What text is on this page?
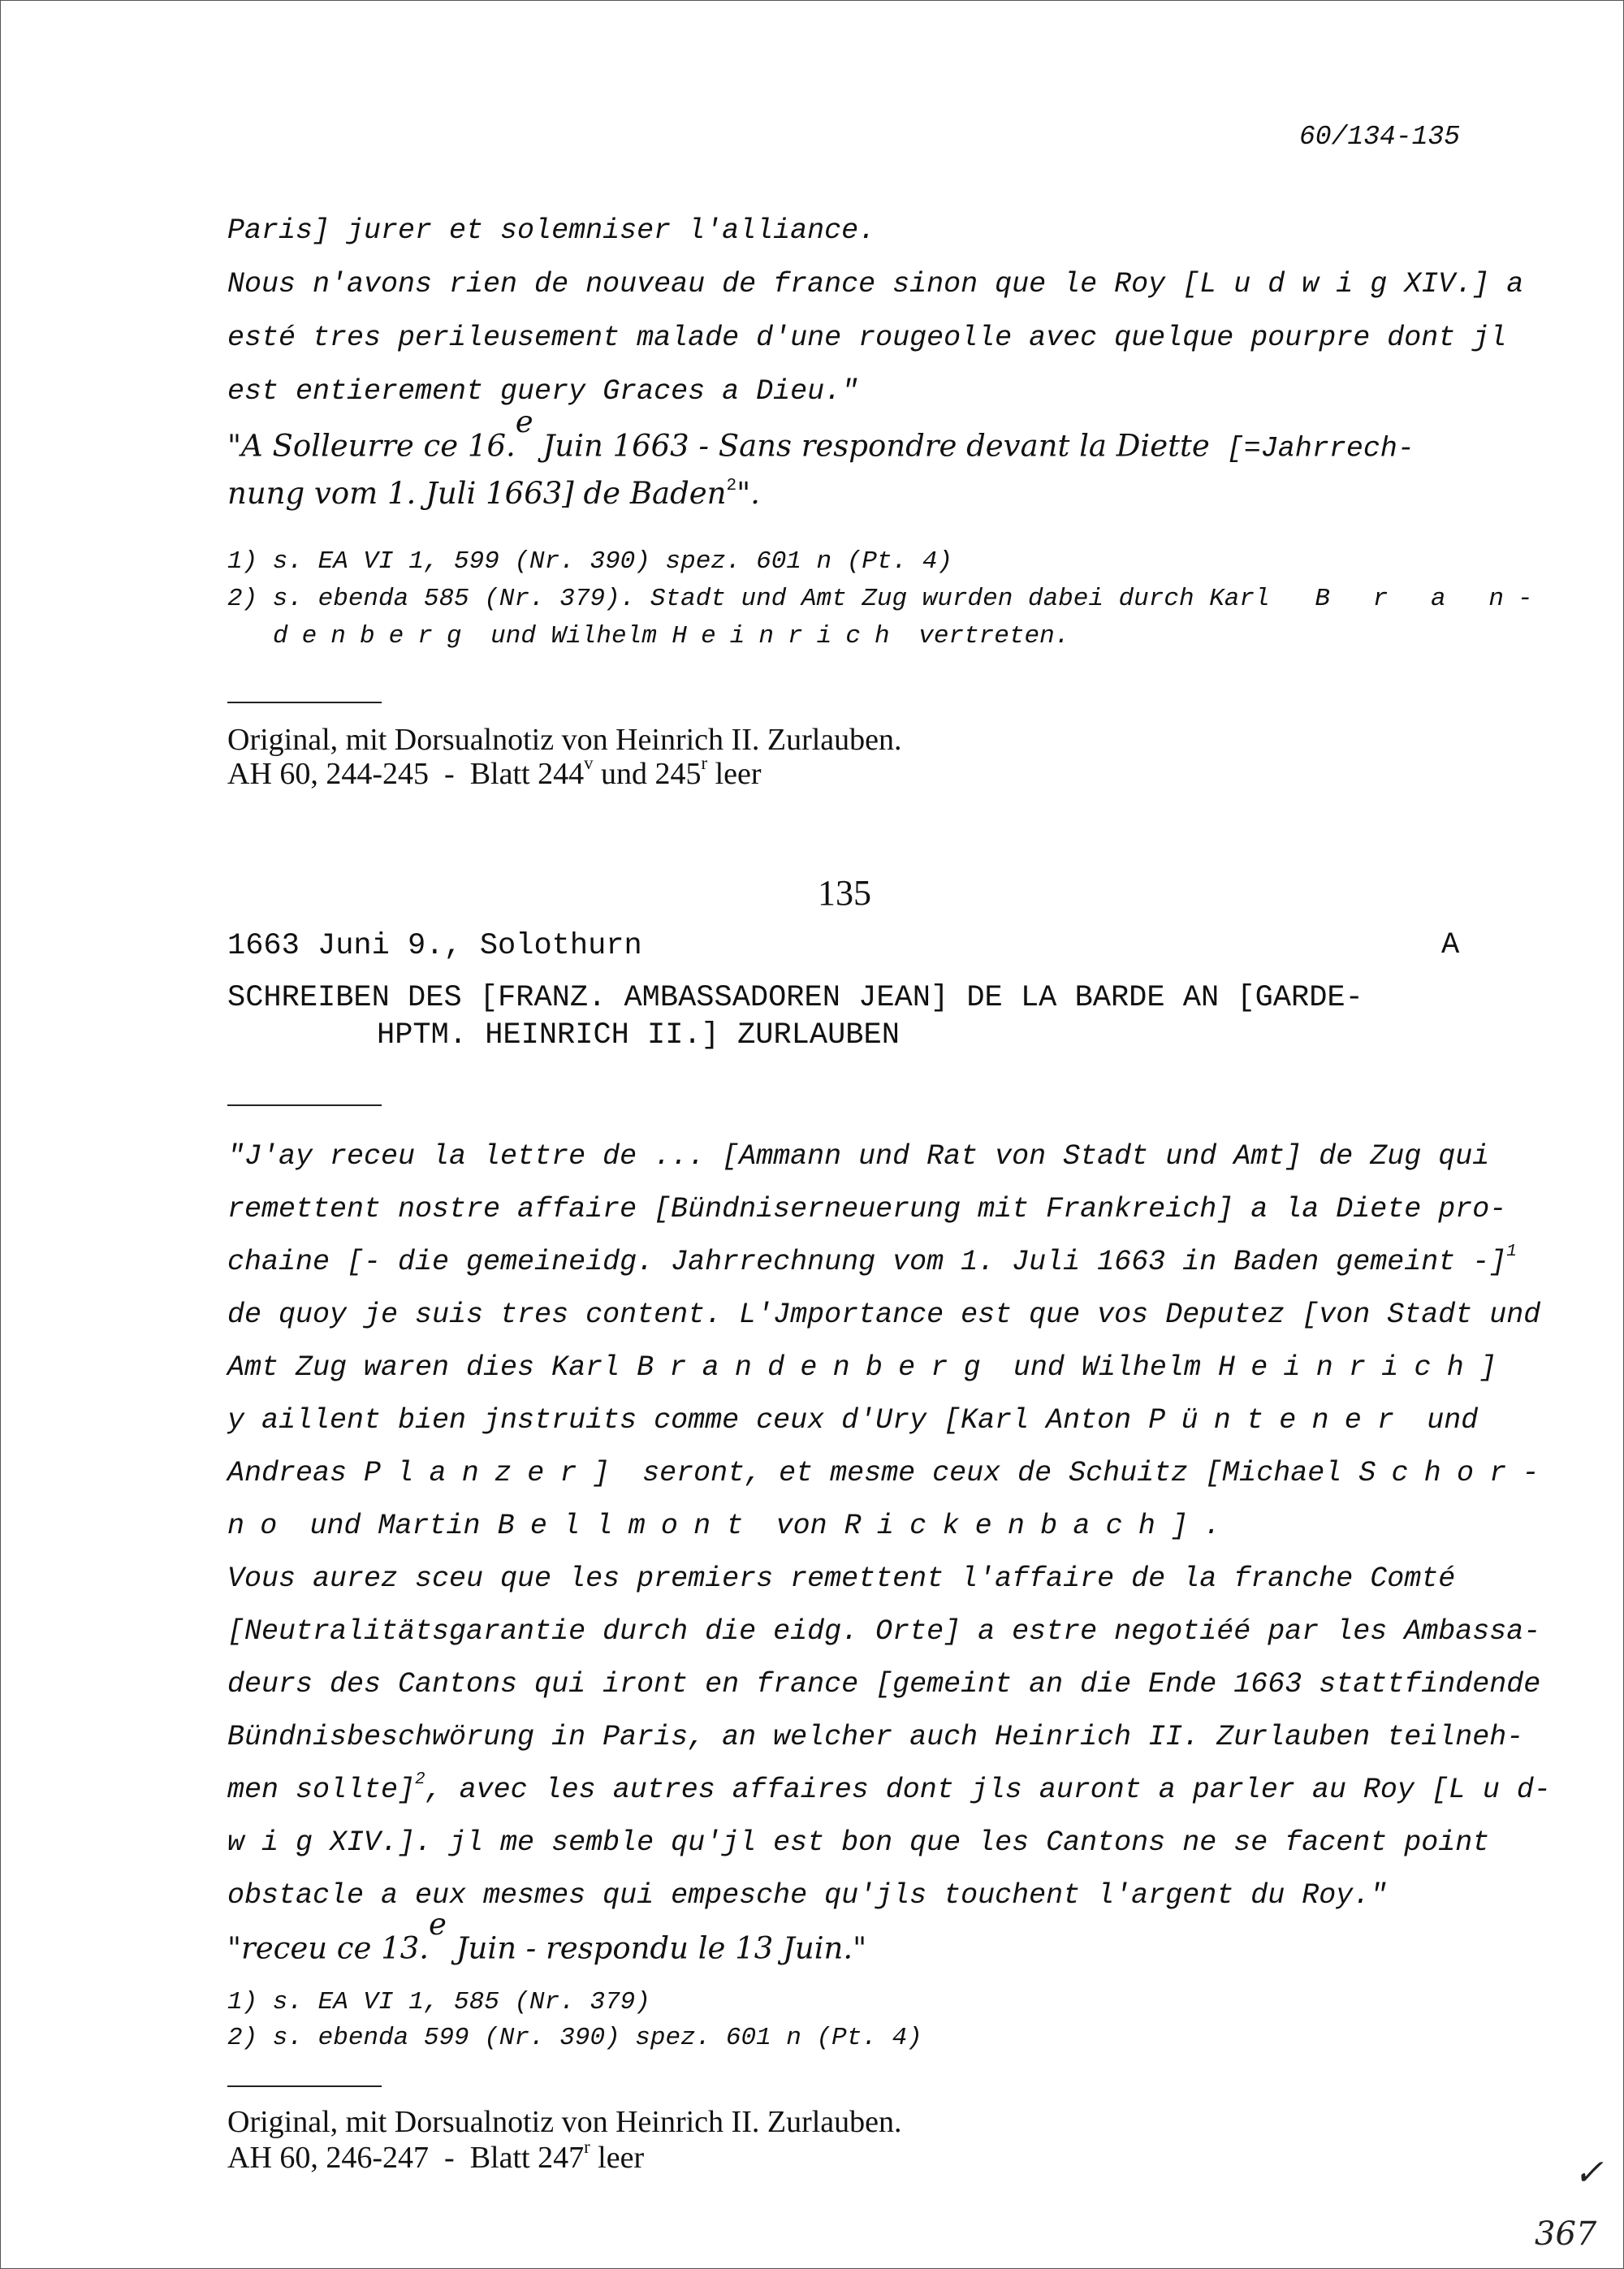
60/134-135
Paris] jurer et solemniser l'alliance.
Nous n'avons rien de nouveau de france sinon que le Roy [L u d w i g XIV.] a
esté tres perileusement malade d'une rougeolle avec quelque pourpre dont jl
est entierement guery Graces a Dieu."
"A Solleurre ce 16.$^e$ Juin 1663 - Sans respondre devant la Diette [=Jahrrech-
nung vom 1. Juli 1663] de Baden$^2$".
1) s. EA VI 1, 599 (Nr. 390) spez. 601 n (Pt. 4)
2) s. ebenda 585 (Nr. 379). Stadt und Amt Zug wurden dabei durch Karl B r a n-
denberg und Wilhelm Heinrich vertreten.
Original, mit Dorsualnotiz von Heinrich II. Zurlauben.
AH 60, 244-245  -  Blatt 244$^v$ und 245$^r$ leer
135
1663 Juni 9., Solothurn	A
SCHREIBEN DES [FRANZ. AMBASSADOREN JEAN] DE LA BARDE AN [GARDE-
HPTM. HEINRICH II.] ZURLAUBEN
"J'ay receu la lettre de ... [Ammann und Rat von Stadt und Amt] de Zug qui
remettent nostre affaire [Bündniserneuerung mit Frankreich] a la Diete pro-
chaine [- die gemeineidg. Jahrrechnung vom 1. Juli 1663 in Baden gemeint -]$^1$
de quoy je suis tres content. L'Jmportance est que vos Deputez [von Stadt und
Amt Zug waren dies Karl Brandenberg und Wilhelm Heinrich]
y aillent bien jnstruits comme ceux d'Ury [Karl Anton Püntener und
Andreas Planzer] seront, et mesme ceux de Schuitz [Michael Schor-
no und Martin Bellmont von Rickenbach].
Vous aurez sceu que les premiers remettent l'affaire de la franche Comté
[Neutralitätsgarantie durch die eidg. Orte] a estre negotiéé par les Ambassa-
deurs des Cantons qui iront en france [gemeint an die Ende 1663 stattfindende
Bündnisbeschwörung in Paris, an welcher auch Heinrich II. Zurlauben teilneh-
men sollte]$^2$, avec les autres affaires dont jls auront a parler au Roy [L u d-
w i g XIV.]. jl me semble qu'jl est bon que les Cantons ne se facent point
obstacle a eux mesmes qui empesche qu'jls touchent l'argent du Roy."
"receu ce 13.$^e$ Juin - respondu le 13 Juin."
1) s. EA VI 1, 585 (Nr. 379)
2) s. ebenda 599 (Nr. 390) spez. 601 n (Pt. 4)
Original, mit Dorsualnotiz von Heinrich II. Zurlauben.
AH 60, 246-247  -  Blatt 247$^r$ leer	✓
367
